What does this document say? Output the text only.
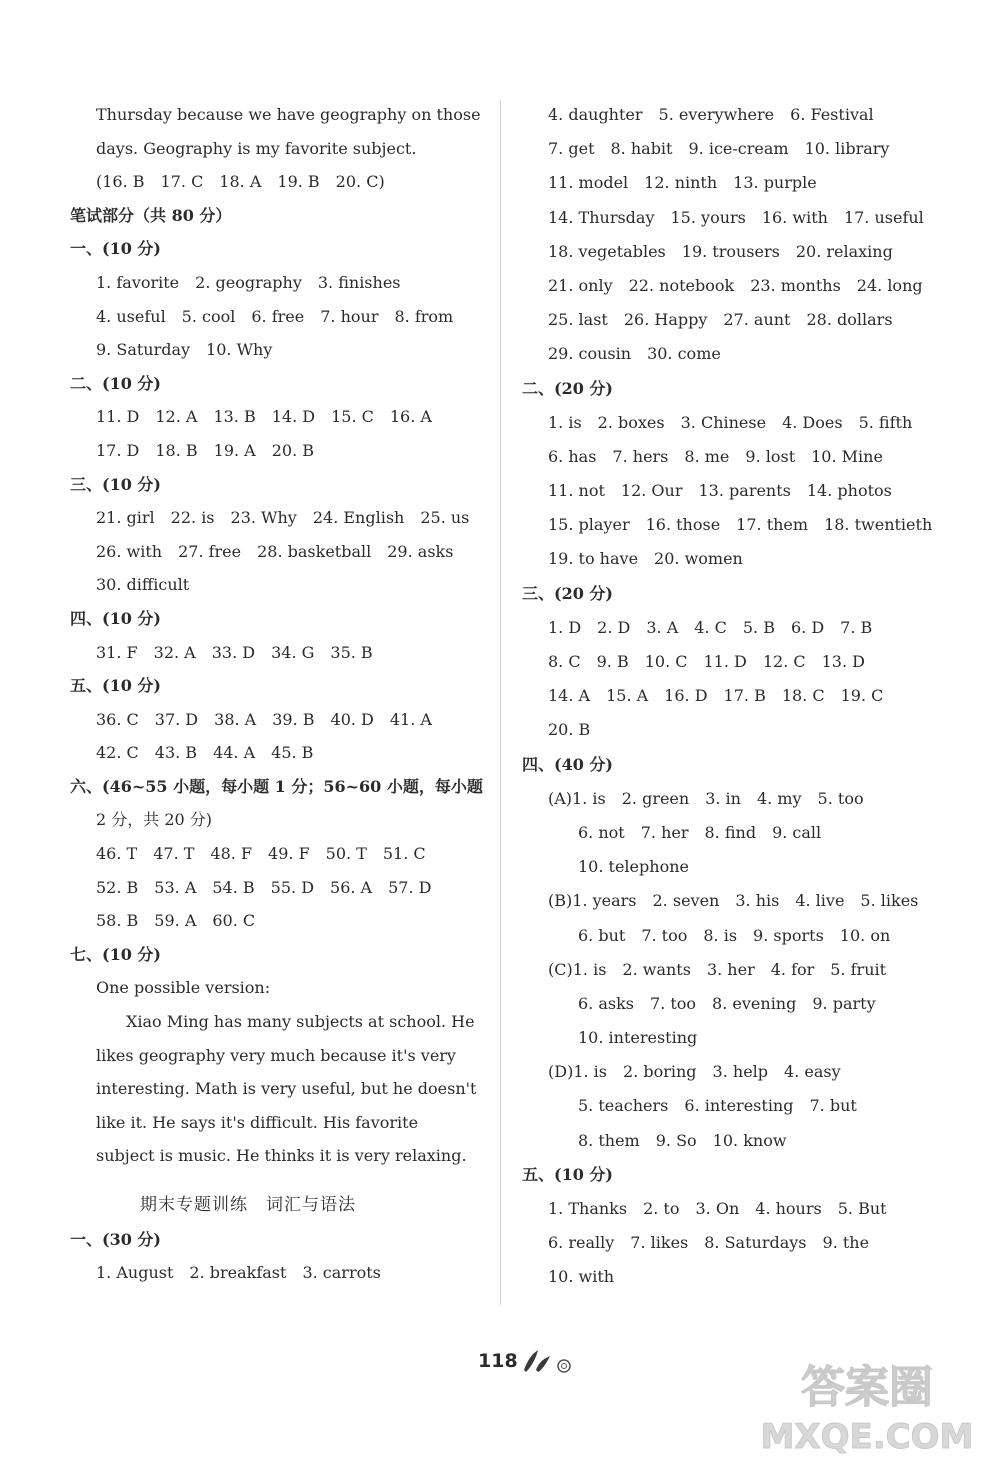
Thursday because we have geography on those
days. Geography is my favorite subject.
(16. B　17. C　18. A　19. B　20. C)
笔试部分（共 80 分）
一、(10 分)
1. favorite　2. geography　3. finishes
4. useful　5. cool　6. free　7. hour　8. from
9. Saturday　10. Why
二、(10 分)
11. D　12. A　13. B　14. D　15. C　16. A
17. D　18. B　19. A　20. B
三、(10 分)
21. girl　22. is　23. Why　24. English　25. us
26. with　27. free　28. basketball　29. asks
30. difficult
四、(10 分)
31. F　32. A　33. D　34. G　35. B
五、(10 分)
36. C　37. D　38. A　39. B　40. D　41. A
42. C　43. B　44. A　45. B
六、(46~55 小题，每小题 1 分；56~60 小题，每小题
2 分，共 20 分)
46. T　47. T　48. F　49. F　50. T　51. C
52. B　53. A　54. B　55. D　56. A　57. D
58. B　59. A　60. C
七、(10 分)
One possible version:
Xiao Ming has many subjects at school. He
likes geography very much because it's very
interesting. Math is very useful, but he doesn't
like it. He says it's difficult. His favorite
subject is music. He thinks it is very relaxing.
期末专题训练　词汇与语法
一、(30 分)
1. August　2. breakfast　3. carrots
4. daughter　5. everywhere　6. Festival
7. get　8. habit　9. ice-cream　10. library
11. model　12. ninth　13. purple
14. Thursday　15. yours　16. with　17. useful
18. vegetables　19. trousers　20. relaxing
21. only　22. notebook　23. months　24. long
25. last　26. Happy　27. aunt　28. dollars
29. cousin　30. come
二、(20 分)
1. is　2. boxes　3. Chinese　4. Does　5. fifth
6. has　7. hers　8. me　9. lost　10. Mine
11. not　12. Our　13. parents　14. photos
15. player　16. those　17. them　18. twentieth
19. to have　20. women
三、(20 分)
1. D　2. D　3. A　4. C　5. B　6. D　7. B
8. C　9. B　10. C　11. D　12. C　13. D
14. A　15. A　16. D　17. B　18. C　19. C
20. B
四、(40 分)
(A)1. is　2. green　3. in　4. my　5. too
6. not　7. her　8. find　9. call
10. telephone
(B)1. years　2. seven　3. his　4. live　5. likes
6. but　7. too　8. is　9. sports　10. on
(C)1. is　2. wants　3. her　4. for　5. fruit
6. asks　7. too　8. evening　9. party
10. interesting
(D)1. is　2. boring　3. help　4. easy
5. teachers　6. interesting　7. but
8. them　9. So　10. know
五、(10 分)
1. Thanks　2. to　3. On　4. hours　5. But
6. really　7. likes　8. Saturdays　9. the
10. with
118
答案圈
MXQE.COM
